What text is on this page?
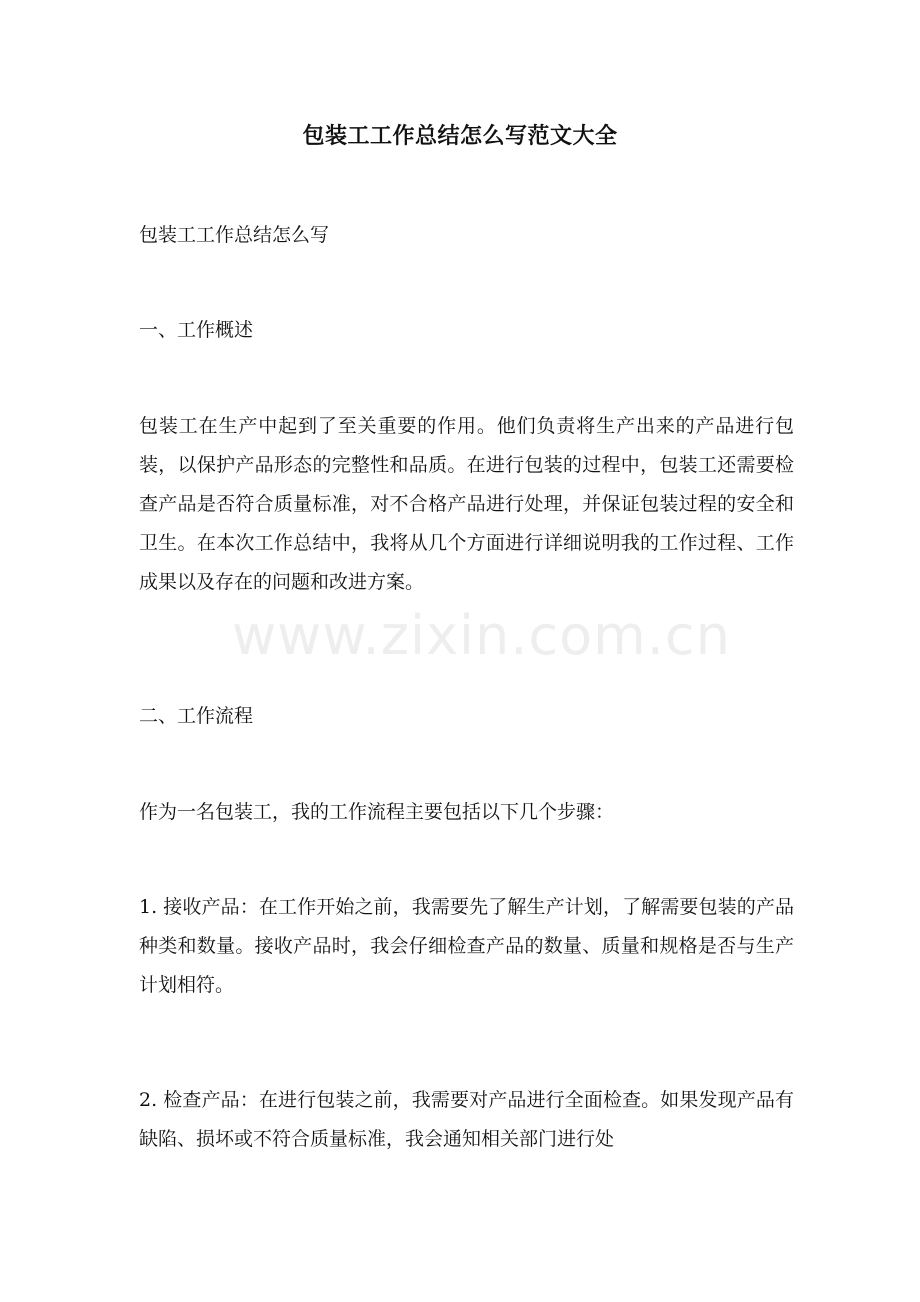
包装工工作总结怎么写范文大全

包装工工作总结怎么写

一、工作概述

包装工在生产中起到了至关重要的作用。他们负责将生产出来的产品进行包装，以保护产品形态的完整性和品质。在进行包装的过程中，包装工还需要检查产品是否符合质量标准，对不合格产品进行处理，并保证包装过程的安全和卫生。在本次工作总结中，我将从几个方面进行详细说明我的工作过程、工作成果以及存在的问题和改进方案。

二、工作流程

作为一名包装工，我的工作流程主要包括以下几个步骤：

1. 接收产品：在工作开始之前，我需要先了解生产计划，了解需要包装的产品种类和数量。接收产品时，我会仔细检查产品的数量、质量和规格是否与生产计划相符。

2. 检查产品：在进行包装之前，我需要对产品进行全面检查。如果发现产品有缺陷、损坏或不符合质量标准，我会通知相关部门进行处

www.zixin.com.cn
